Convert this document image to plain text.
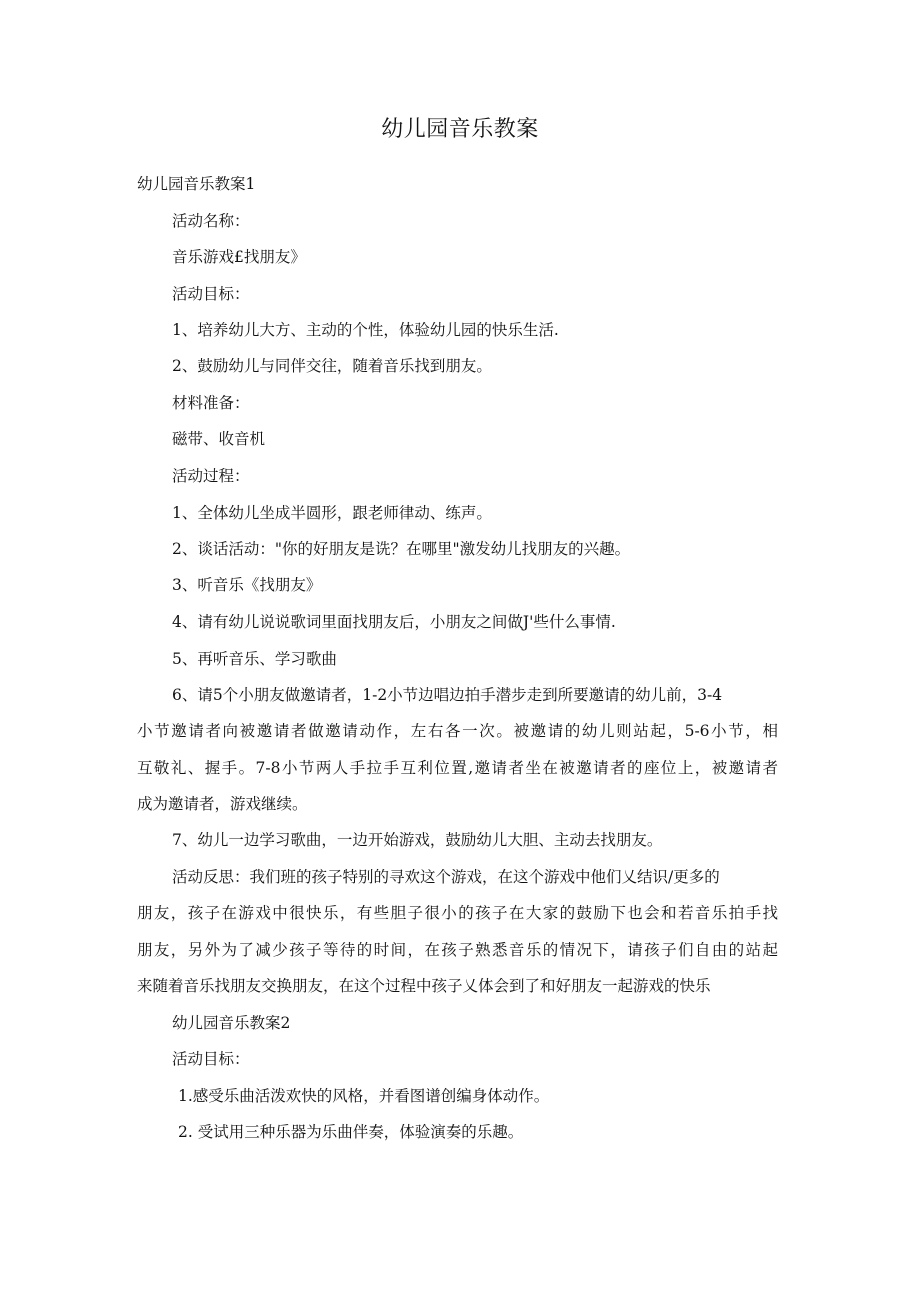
幼儿园音乐教案

幼儿园音乐教案1

活动名称：

音乐游戏£找朋友》

活动目标：

1、培养幼儿大方、主动的个性，体验幼儿园的快乐生活.

2、鼓励幼儿与同伴交往，随着音乐找到朋友。

材料准备：

磁带、收音机

活动过程：

1、全体幼儿坐成半圆形，跟老师律动、练声。

2、谈话活动："你的好朋友是诜？在哪里"激发幼儿找朋友的兴趣。

3、听音乐《找朋友》

4、请有幼儿说说歌词里面找朋友后，小朋友之间做J'些什么事情.

5、再听音乐、学习歌曲

6、请5个小朋友做邀请者，1-2小节边唱边拍手潜步走到所要邀请的幼儿前，3-4

小节邀请者向被邀请者做邀请动作，左右各一次。被邀请的幼儿则站起，5-6小节，相

互敬礼、握手。7-8小节两人手拉手互利位置,邀请者坐在被邀请者的座位上，被邀请者

成为邀请者，游戏继续。

7、幼儿一边学习歌曲，一边开始游戏，鼓励幼儿大胆、主动去找朋友。

活动反思：我们班的孩子特别的寻欢这个游戏，在这个游戏中他们乂结识/更多的

朋友，孩子在游戏中很快乐，有些胆子很小的孩子在大家的鼓励下也会和若音乐拍手找

朋友，另外为了减少孩子等待的时间，在孩子熟悉音乐的情况下，请孩子们自由的站起

来随着音乐找朋友交换朋友，在这个过程中孩子乂体会到了和好朋友一起游戏的快乐

幼儿园音乐教案2

活动目标：

1.感受乐曲活泼欢快的风格，并看图谱创编身体动作。

2. 受试用三种乐器为乐曲伴奏，体验演奏的乐趣。
